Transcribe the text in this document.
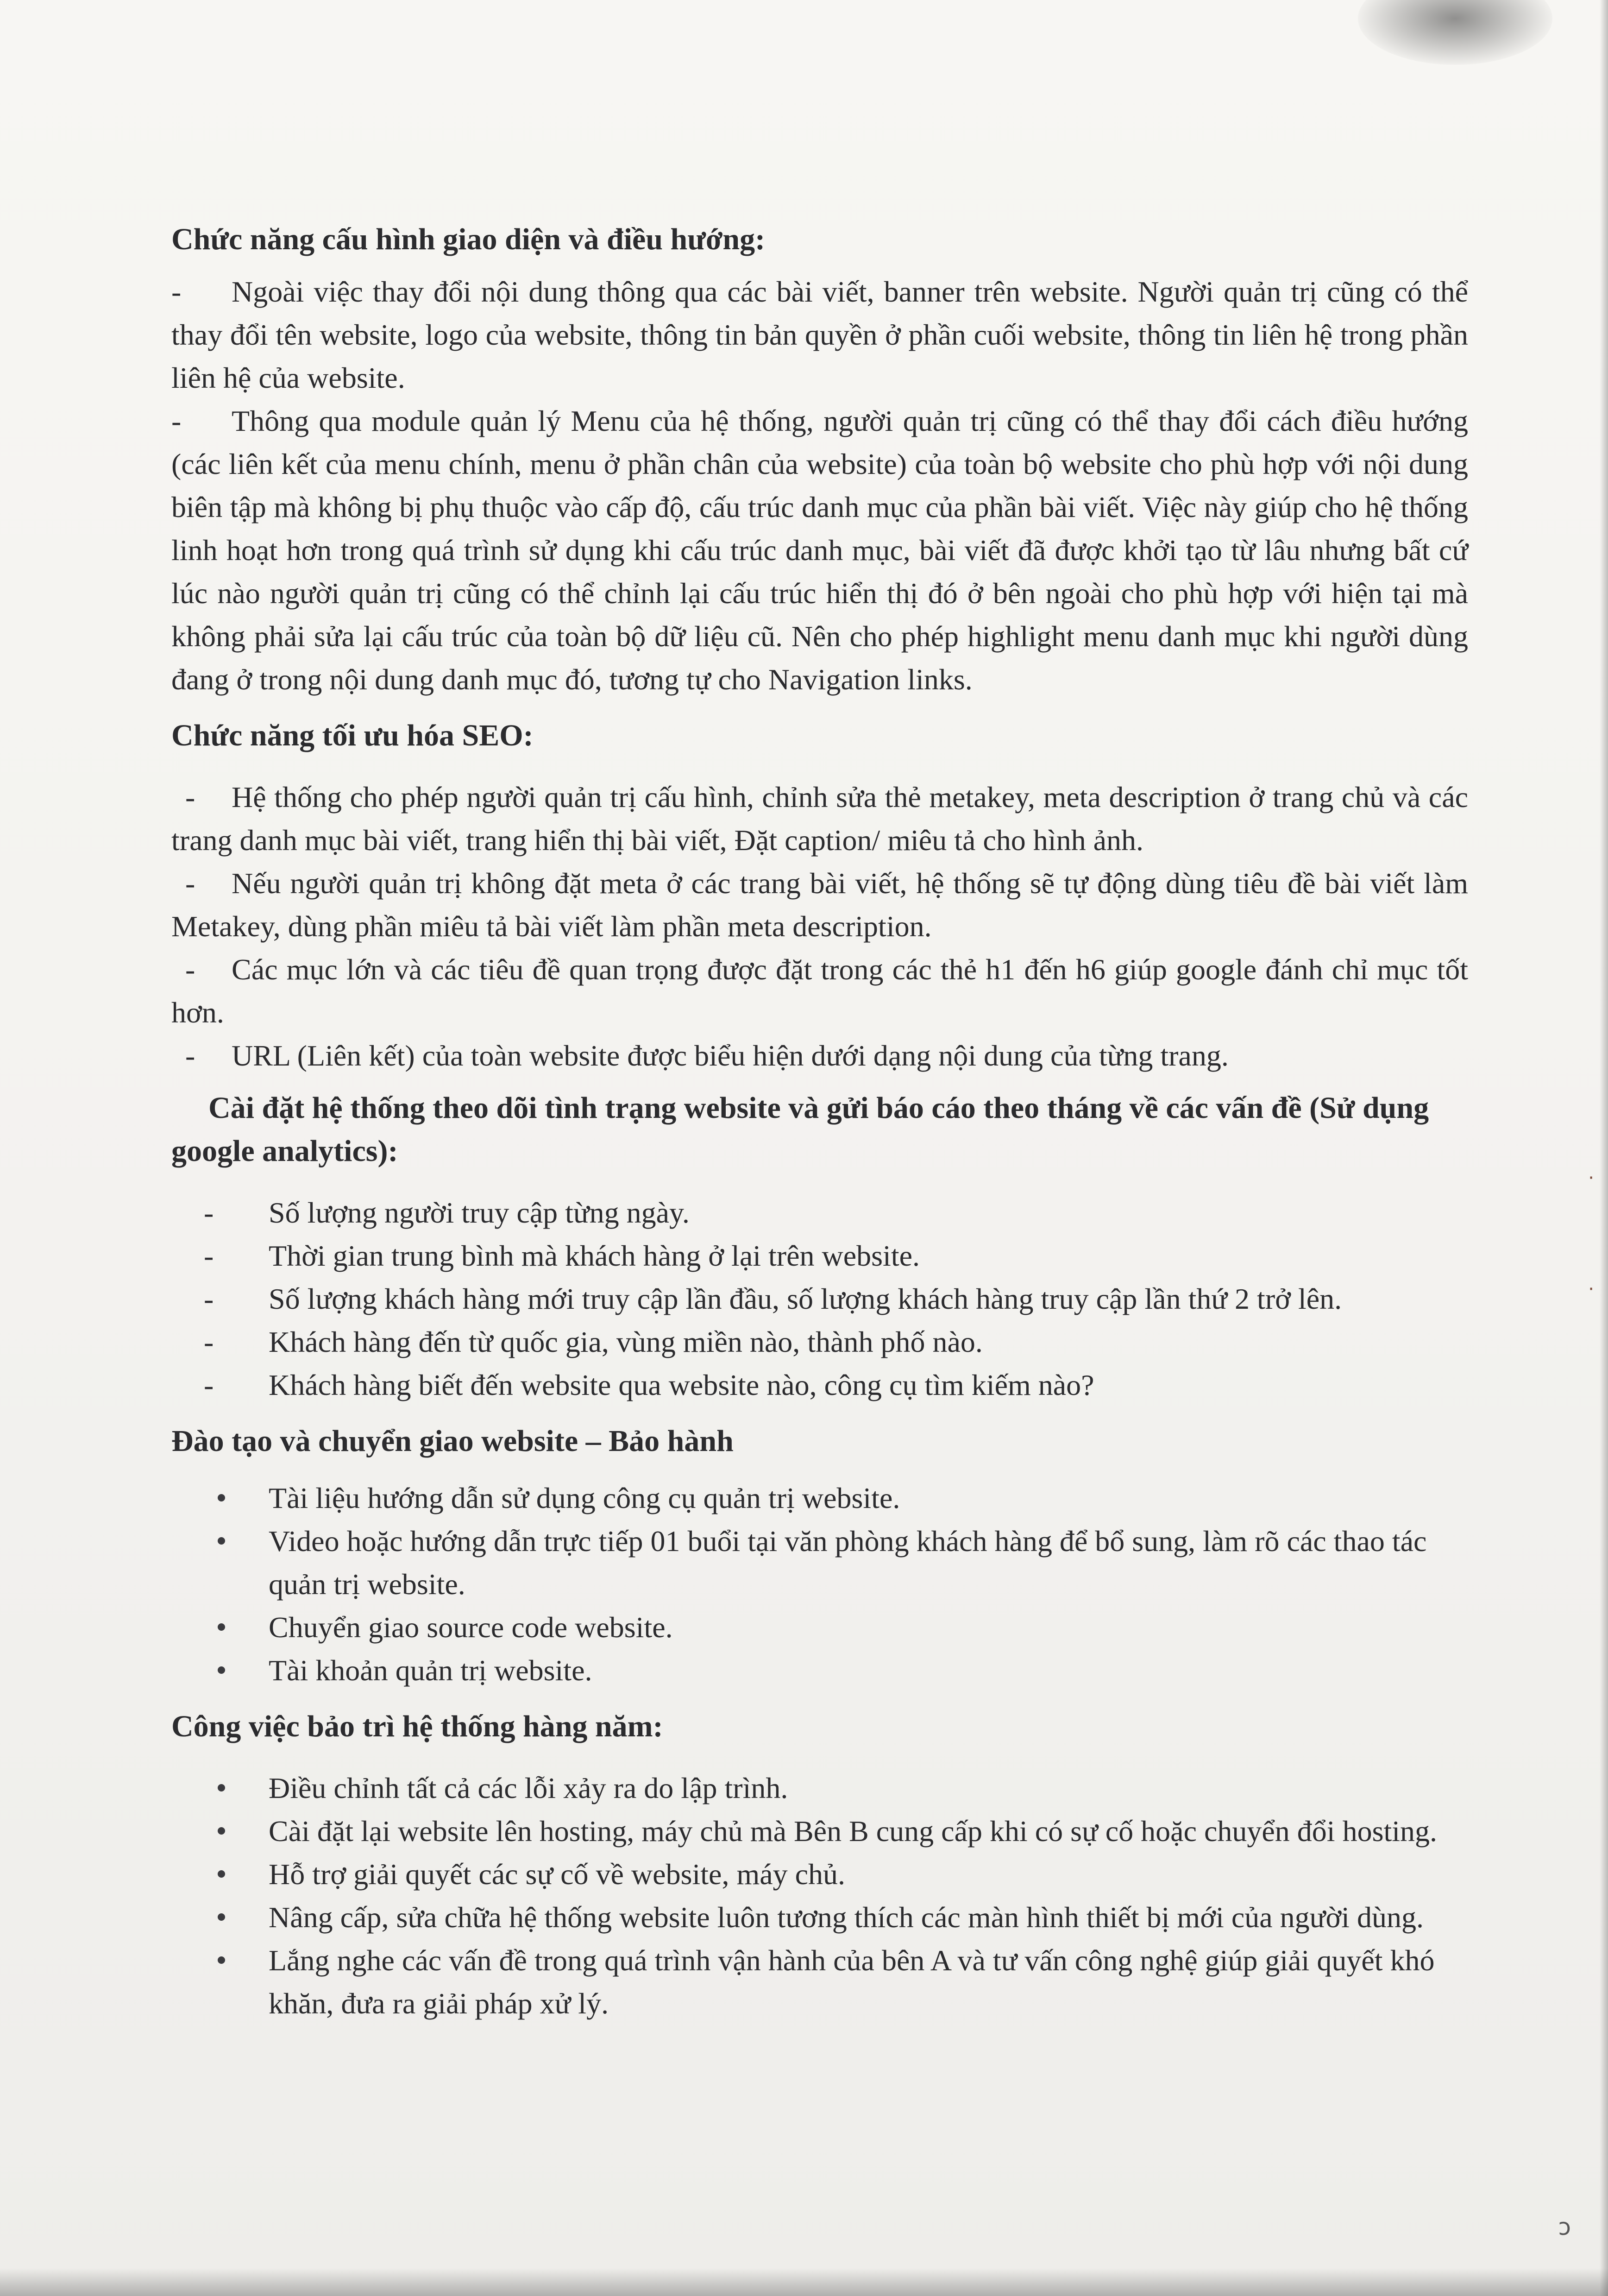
Chức năng cấu hình giao diện và điều hướng:

- Ngoài việc thay đổi nội dung thông qua các bài viết, banner trên website. Người quản trị cũng có thể thay đổi tên website, logo của website, thông tin bản quyền ở phần cuối website, thông tin liên hệ trong phần liên hệ của website.

- Thông qua module quản lý Menu của hệ thống, người quản trị cũng có thể thay đổi cách điều hướng (các liên kết của menu chính, menu ở phần chân của website) của toàn bộ website cho phù hợp với nội dung biên tập mà không bị phụ thuộc vào cấp độ, cấu trúc danh mục của phần bài viết. Việc này giúp cho hệ thống linh hoạt hơn trong quá trình sử dụng khi cấu trúc danh mục, bài viết đã được khởi tạo từ lâu nhưng bất cứ lúc nào người quản trị cũng có thể chỉnh lại cấu trúc hiển thị đó ở bên ngoài cho phù hợp với hiện tại mà không phải sửa lại cấu trúc của toàn bộ dữ liệu cũ. Nên cho phép highlight menu danh mục khi người dùng đang ở trong nội dung danh mục đó, tương tự cho Navigation links.

Chức năng tối ưu hóa SEO:

- Hệ thống cho phép người quản trị cấu hình, chỉnh sửa thẻ metakey, meta description ở trang chủ và các trang danh mục bài viết, trang hiển thị bài viết, Đặt caption/ miêu tả cho hình ảnh.

- Nếu người quản trị không đặt meta ở các trang bài viết, hệ thống sẽ tự động dùng tiêu đề bài viết làm Metakey, dùng phần miêu tả bài viết làm phần meta description.

- Các mục lớn và các tiêu đề quan trọng được đặt trong các thẻ h1 đến h6 giúp google đánh chỉ mục tốt hơn.

- URL (Liên kết) của toàn website được biểu hiện dưới dạng nội dung của từng trang.

Cài đặt hệ thống theo dõi tình trạng website và gửi báo cáo theo tháng về các vấn đề (Sử dụng google analytics):

- Số lượng người truy cập từng ngày.

- Thời gian trung bình mà khách hàng ở lại trên website.

- Số lượng khách hàng mới truy cập lần đầu, số lượng khách hàng truy cập lần thứ 2 trở lên.

- Khách hàng đến từ quốc gia, vùng miền nào, thành phố nào.

- Khách hàng biết đến website qua website nào, công cụ tìm kiếm nào?

Đào tạo và chuyển giao website – Bảo hành

Tài liệu hướng dẫn sử dụng công cụ quản trị website.

Video hoặc hướng dẫn trực tiếp 01 buổi tại văn phòng khách hàng để bổ sung, làm rõ các thao tác quản trị website.

Chuyển giao source code website.

Tài khoản quản trị website.

Công việc bảo trì hệ thống hàng năm:

Điều chỉnh tất cả các lỗi xảy ra do lập trình.

Cài đặt lại website lên hosting, máy chủ mà Bên B cung cấp khi có sự cố hoặc chuyển đổi hosting.

Hỗ trợ giải quyết các sự cố về website, máy chủ.

Nâng cấp, sửa chữa hệ thống website luôn tương thích các màn hình thiết bị mới của người dùng.

Lắng nghe các vấn đề trong quá trình vận hành của bên A và tư vấn công nghệ giúp giải quyết khó khăn, đưa ra giải pháp xử lý.

·
·
ↄ
